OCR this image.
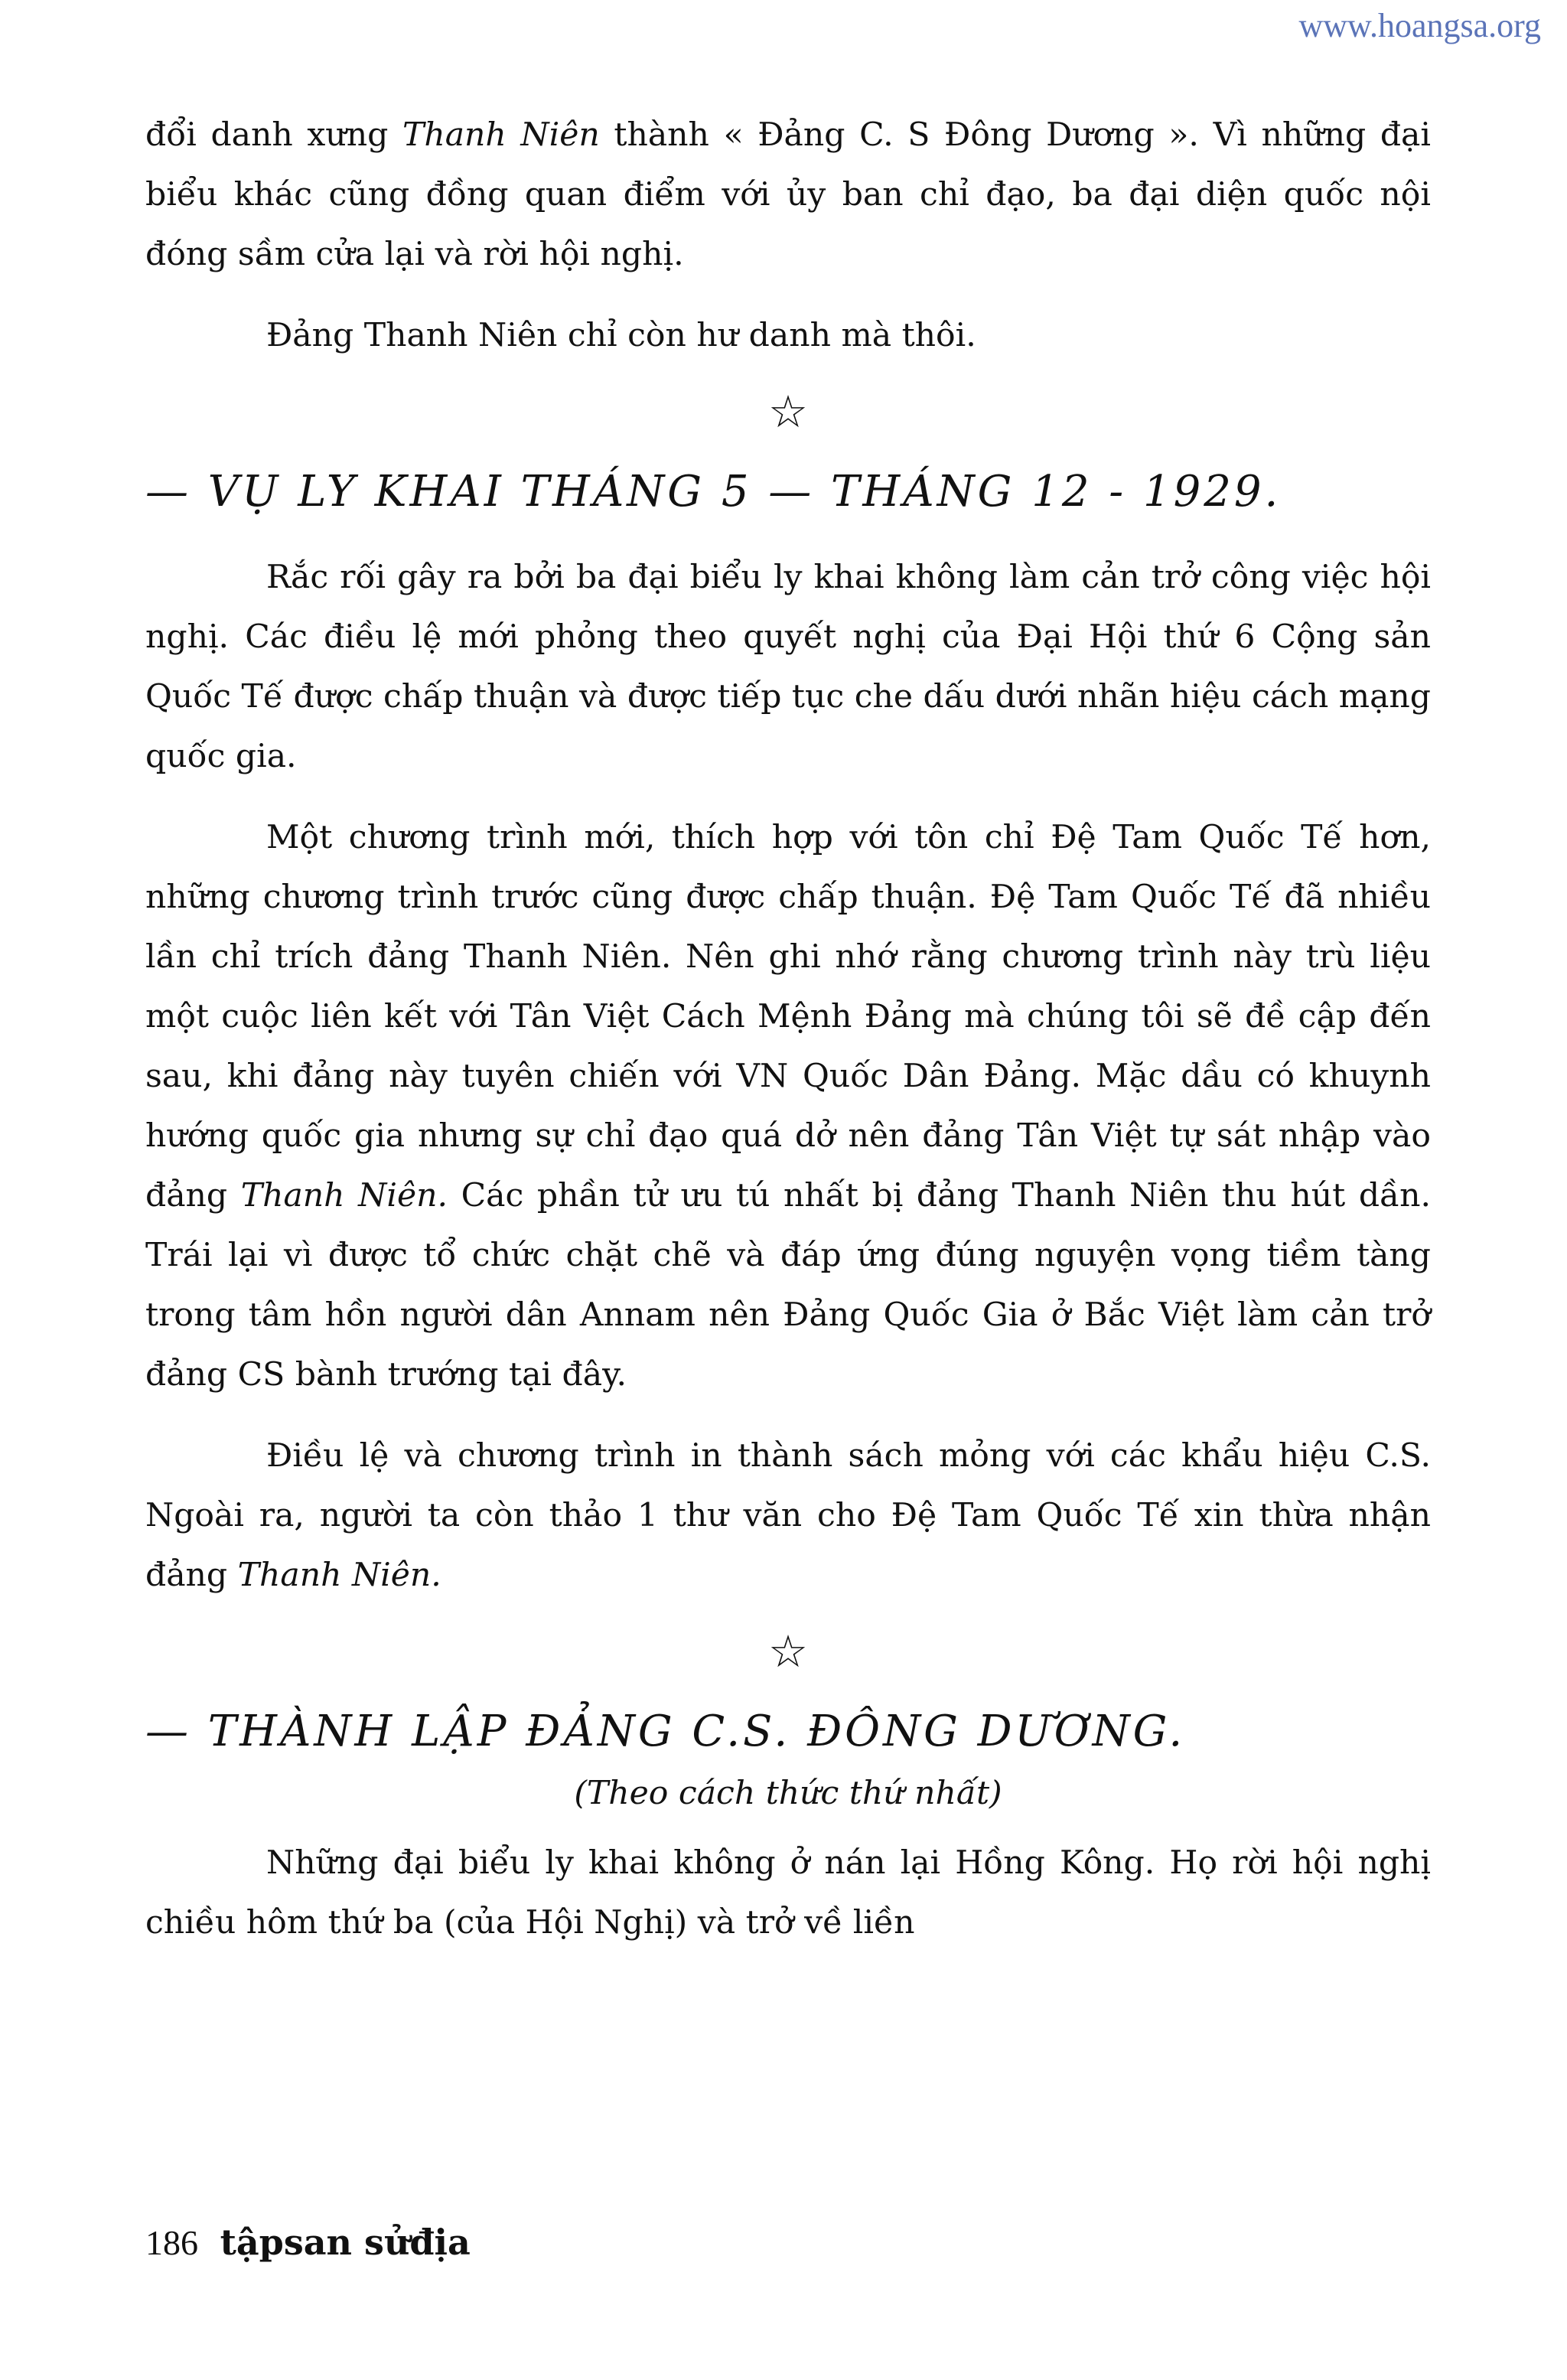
www.hoangsa.org

đổi danh xưng Thanh Niên thành « Đảng C. S Đông Dương ». Vì những đại biểu khác cũng đồng quan điểm với ủy ban chỉ đạo, ba đại diện quốc nội đóng sầm cửa lại và rời hội nghị.

Đảng Thanh Niên chỉ còn hư danh mà thôi.

☆

— VỤ LY KHAI THÁNG 5 — THÁNG 12 - 1929.

Rắc rối gây ra bởi ba đại biểu ly khai không làm cản trở công việc hội nghị. Các điều lệ mới phỏng theo quyết nghị của Đại Hội thứ 6 Cộng sản Quốc Tế được chấp thuận và được tiếp tục che dấu dưới nhãn hiệu cách mạng quốc gia.

Một chương trình mới, thích hợp với tôn chỉ Đệ Tam Quốc Tế hơn, những chương trình trước cũng được chấp thuận. Đệ Tam Quốc Tế đã nhiều lần chỉ trích đảng Thanh Niên. Nên ghi nhớ rằng chương trình này trù liệu một cuộc liên kết với Tân Việt Cách Mệnh Đảng mà chúng tôi sẽ đề cập đến sau, khi đảng này tuyên chiến với VN Quốc Dân Đảng. Mặc dầu có khuynh hướng quốc gia nhưng sự chỉ đạo quá dở nên đảng Tân Việt tự sát nhập vào đảng Thanh Niên. Các phần tử ưu tú nhất bị đảng Thanh Niên thu hút dần. Trái lại vì được tổ chức chặt chẽ và đáp ứng đúng nguyện vọng tiềm tàng trong tâm hồn người dân Annam nên Đảng Quốc Gia ở Bắc Việt làm cản trở đảng CS bành trướng tại đây.

Điều lệ và chương trình in thành sách mỏng với các khẩu hiệu C.S. Ngoài ra, người ta còn thảo 1 thư văn cho Đệ Tam Quốc Tế xin thừa nhận đảng Thanh Niên.

☆

— THÀNH LẬP ĐẢNG C.S. ĐÔNG DƯƠNG.

(Theo cách thức thứ nhất)

Những đại biểu ly khai không ở nán lại Hồng Kông. Họ rời hội nghị chiều hôm thứ ba (của Hội Nghị) và trở về liền

186 tậpsan sửđịa
